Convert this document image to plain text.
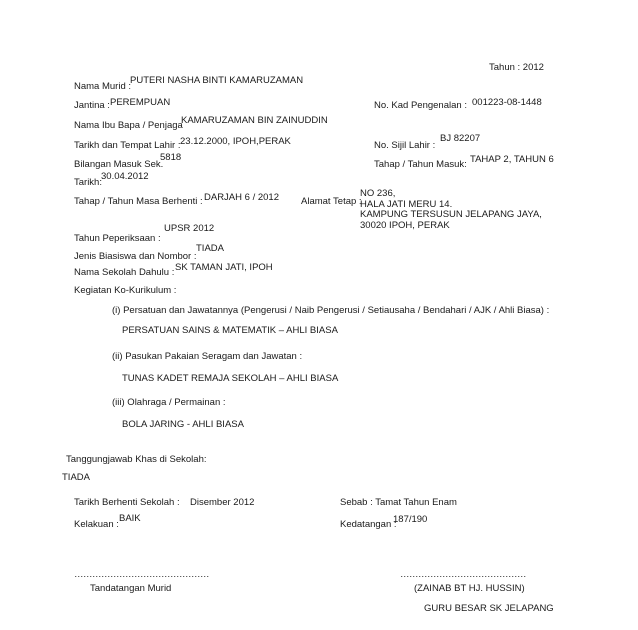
Tahun : 2012
Nama Murid :
PUTERI NASHA BINTI KAMARUZAMAN
Jantina : PEREMPUAN	No. Kad Pengenalan : 001223-08-1448
Nama Ibu Bapa / Penjaga
KAMARUZAMAN BIN ZAINUDDIN
Tarikh dan Tempat Lahir : 23.12.2000, IPOH,PERAK	No. Sijil Lahir :
BJ 82207
Bilangan Masuk Sek.
5818
Tahap / Tahun Masuk: TAHAP 2, TAHUN 6
Tarikh:
30.04.2012
Tahap / Tahun Masa Berhenti : DARJAH 6 / 2012 Alamat Tetap :
NO 236,
HALA JATI MERU 14.
KAMPUNG TERSUSUN JELAPANG JAYA,
30020 IPOH, PERAK
Tahun Peperiksaan :
UPSR 2012
Jenis Biasiswa dan Nombor :
TIADA
Nama Sekolah Dahulu : SK TAMAN JATI, IPOH
Kegiatan Ko-Kurikulum :
(i) Persatuan dan Jawatannya (Pengerusi / Naib Pengerusi / Setiausaha / Bendahari / AJK / Ahli Biasa) :
PERSATUAN SAINS & MATEMATIK – AHLI BIASA
(ii) Pasukan Pakaian Seragam dan Jawatan :
TUNAS KADET REMAJA SEKOLAH – AHLI BIASA
(iii) Olahraga / Permainan :
BOLA JARING - AHLI BIASA
Tanggungjawab Khas di Sekolah:
TIADA
Tarikh Berhenti Sekolah : Disember 2012	Sebab : Tamat Tahun Enam
Kelakuan :
BAIK
Kedatangan :
187/190
………………………………………	……………………………………
Tandatangan Murid	(ZAINAB BT HJ. HUSSIN)
GURU BESAR SK JELAPANG
